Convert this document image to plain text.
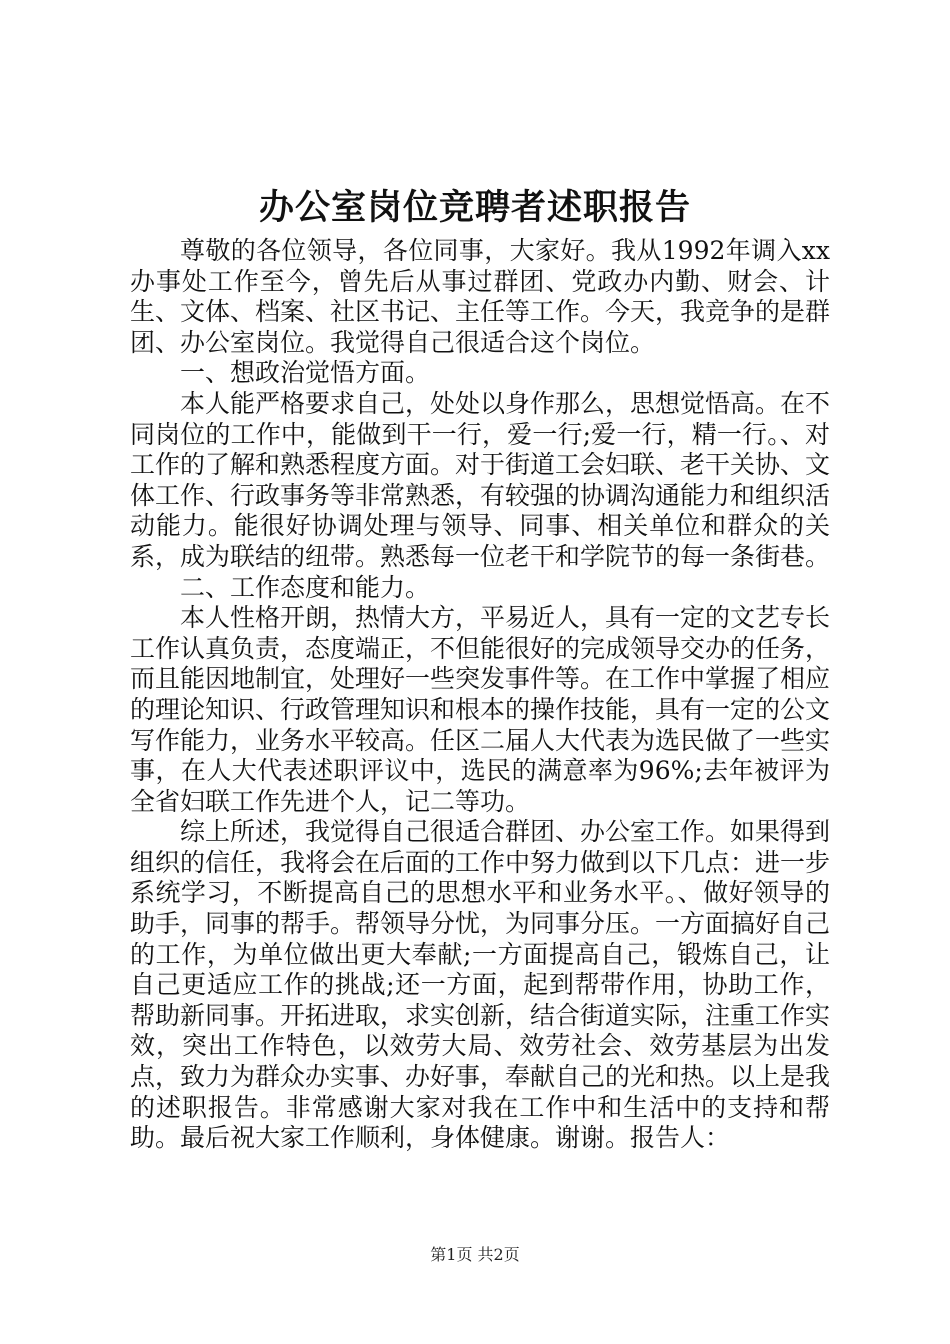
办公室岗位竞聘者述职报告

尊敬的各位领导，各位同事，大家好。我从1992年调入xx办事处工作至今，曾先后从事过群团、党政办内勤、财会、计生、文体、档案、社区书记、主任等工作。今天，我竞争的是群团、办公室岗位。我觉得自己很适合这个岗位。

一、想政治觉悟方面。

本人能严格要求自己，处处以身作那么，思想觉悟高。在不同岗位的工作中，能做到干一行，爱一行;爱一行，精一行。、对工作的了解和熟悉程度方面。对于街道工会妇联、老干关协、文体工作、行政事务等非常熟悉，有较强的协调沟通能力和组织活动能力。能很好协调处理与领导、同事、相关单位和群众的关系，成为联结的纽带。熟悉每一位老干和学院节的每一条街巷。

二、工作态度和能力。

本人性格开朗，热情大方，平易近人，具有一定的文艺专长工作认真负责，态度端正，不但能很好的完成领导交办的任务，而且能因地制宜，处理好一些突发事件等。在工作中掌握了相应的理论知识、行政管理知识和根本的操作技能，具有一定的公文写作能力，业务水平较高。任区二届人大代表为选民做了一些实事，在人大代表述职评议中，选民的满意率为96%;去年被评为全省妇联工作先进个人，记二等功。

综上所述，我觉得自己很适合群团、办公室工作。如果得到组织的信任，我将会在后面的工作中努力做到以下几点：进一步系统学习，不断提高自己的思想水平和业务水平。、做好领导的助手，同事的帮手。帮领导分忧，为同事分压。一方面搞好自己的工作，为单位做出更大奉献;一方面提高自己，锻炼自己，让自己更适应工作的挑战;还一方面，起到帮带作用，协助工作，帮助新同事。开拓进取，求实创新，结合街道实际，注重工作实效，突出工作特色，以效劳大局、效劳社会、效劳基层为出发点，致力为群众办实事、办好事，奉献自己的光和热。以上是我的述职报告。非常感谢大家对我在工作中和生活中的支持和帮助。最后祝大家工作顺利，身体健康。谢谢。报告人：

第1页 共2页
